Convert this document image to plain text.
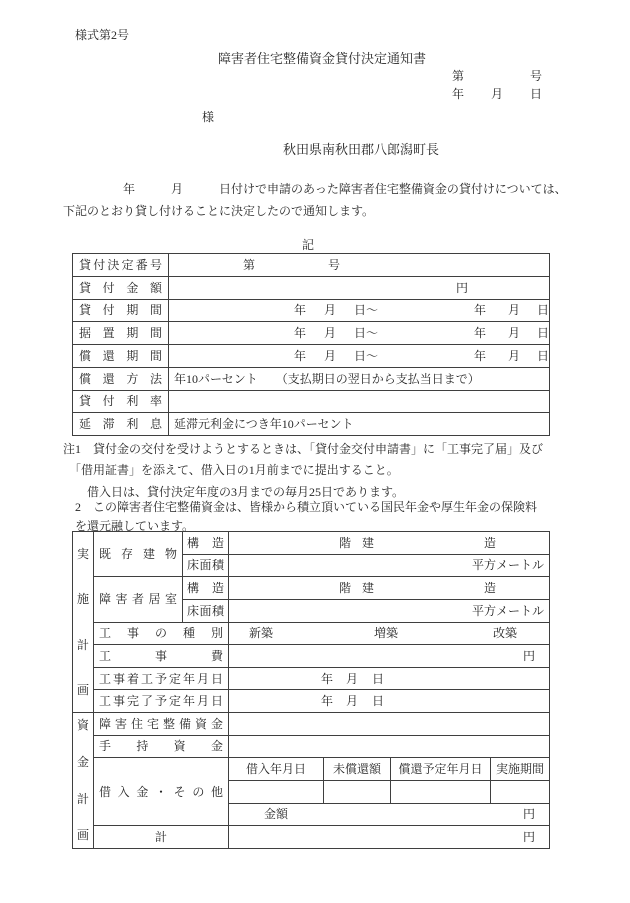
様式第2号
障害者住宅整備資金貸付決定通知書
第	号
年 月 日
様
秋田県南秋田郡八郎潟町長
　　　　　年　　　月　　　日付けで申請のあった障害者住宅整備資金の貸付けについては、
下記のとおり貸し付けることに決定したので通知します。
記
貸付決定番号	第 号

貸付金額	円

貸付期間	年 月 日～	年 月 日

据置期間	年 月 日～	年 月 日

償還期間	年 月 日～	年 月 日

償還方法	年10パーセント　　（支払期日の翌日から支払当日まで）
貸付利率	
延滞利息	延滞元利金につき年10パーセント
注1　貸付金の交付を受けようとするときは、「貸付金交付申請書」に「工事完了届」及び
　「借用証書」を添えて、借入日の1月前までに提出すること。
　　借入日は、貸付決定年度の3月までの毎月25日であります。
　2　この障害者住宅整備資金は、皆様から積立頂いている国民年金や厚生年金の保険料
　を還元融しています。
実
施
計
画	既存建物	構造	階 建 造			

		床面積	平方メートル			
	障害者居室	構造	階 建 造			

		床面積	平方メートル			
	工事の種別		新築 増築 改築			

	工事費		円			
	工事着工予定年月日		年 月 日			

	工事完了予定年月日		年 月 日			

資
金
計
画	障害住宅整備資金					
	手持資金					
	借入金・その他		借入年月日	未償還額	償還予定年月日	実施期間

			金額 円			

	計		円			
